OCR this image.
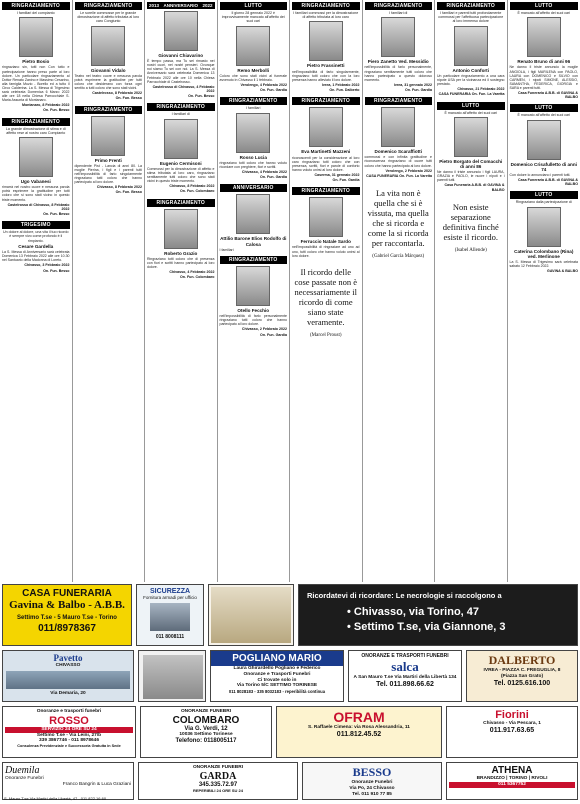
RINGRAZIAMENTO
I familiari del compianto
Pietro Bosio
ringraziano sin, tutti non Con tutto e partecipazione hanno preso parte al loro dolore. Un particolare ringraziamento al Dottor Renato Zanino e Massimo Cesarino, alla famiglia Muzio - Borello ed a tutto il Circo Calderina. La S. Messa di Trigesimo sarà celebrata Domenica 6 Marzo 2022 alle ore 18 nella Chiesa Parrocchiale S. Maria Assunta di Montanaro.
Montanaro, 8 Febbraio 2022
On. Fun. Besso
RINGRAZIAMENTO
La grande dimostrazione di stima e di affetto rese al nostro caro Compianto
Ugo Vabanesi
rimarrà nel nostro cuore e nessuna parola potrà esprimere la gratitudine per tutti coloro che si sono stati vicino in questo triste momento.
Castelrosso di Chivasso, 8 Febbraio 2022
On. Fun. Besso
TRIGESIMO
Un dolore al dolore, una vita il tuo ricordo è sempre vivo come profondo è il rimpianto.
Cesare Gardella
La S. Messa di Anniversario sarà celebrata Domenica 13 Febbraio 2022 alle ore 10.30 nel Santuario della Madonna di Loreto.
Chivasso, 3 Febbraio 2022
On. Fun. Besso
RINGRAZIAMENTO
Le sorelle commosse per le grande dimostrazione di affetto tributata al loro caro Congiunto
Giovanni Vidalo
Teatro nel teatro cuore e nessuna parola potrà esprimere la gratitudine per tutti coloro che desiderano con forza ogni sentito a tutti coloro che sono stati vicini.
Castelrosso, 8 Febbraio 2022
On. Fun. Besso
RINGRAZIAMENTO
Primo Frenti
dipendente Pist - Lancia di anni 80. La moglie Pierina, i figli e i parenti tutti nell'impossibilità di farlo singolarmente ringraziano tutti coloro che hanno partecipato al loro dolore.
Chivasso, 8 Febbraio 2022
On. Fun. Besso
2013 ANNIVERSARIO 2022
Giovanni Chiavarino
È tempo passa, ma Tu sei rimasto nei nostri cuori, nei nostri pensieri. Ovunque noi siamo Tu sei con noi. La S. Messa di Anniversario sarà celebrata Domenica 13 Febbraio 2022 alle ore 10 nella Chiesa Parrocchiale di Castelrosso.
Castelrosso di Chivasso, 4 Febbraio 2022
On. Fun. Besso
RINGRAZIAMENTO
I familiari di
Eugenio Cermisoni
Commossi per la dimostrazione di affetto e stima tributata al loro caro, ringraziano sentitamente tutti coloro che sono stati vicini in questo triste momento.
Chivasso, 8 Febbraio 2022
On. Fun. Colombaro
RINGRAZIAMENTO
Roberto Grazio
Ringraziano tutti coloro che di presenza con fiori e scritti hanno partecipato al loro dolore.
Chivasso, 4 Febbraio 2022
On. Fun. Colombaro
LUTTO
Il giorno 28 gennaio 2022 è improvvisamente mancato all'affetto dei suoi cari
Remo Merbolli
Coloro che sono stati vicini al funerale avvenuto in Chivasso il 1 febbraio.
Verolengo, 4 Febbraio 2022
On. Fun. Gardia
RINGRAZIAMENTO
I familiari
Rosso Lucia
ringraziano tutti coloro che hanno voluto ricordare con preghiere, fiori e scritti.
Chivasso, 4 Febbraio 2022
On. Fun. Gardia
ANNIVERSARIO
Attilio Barone Elios Rodolfo di Calosa
I familiari
RINGRAZIAMENTO
Otello Fecchio
nell'impossibilità di farlo personalmente ringraziano tutti coloro che hanno partecipato al loro dolore.
Chivasso, 2 Febbraio 2022
On. Fun. Gardia
RINGRAZIAMENTO
I familiari commossi per la dimostrazione di affetto tributata al loro caro
Pietro Frassinetti
nell'impossibilità di farlo singolarmente, ringraziano tutti coloro che con la loro presenza hanno alleviato il loro dolore.
Ivrea, 1 Febbraio 2022
On. Fun. Dalberto
RINGRAZIAMENTO
Eva Martinetti Mazzeni
riconoscenti per la considerazione al loro caro ringraziano tutti coloro che con presenza, scritti, fiori e parole di conforto hanno voluto unirsi al loro dolore.
Caserma, 31 gennaio 2022
On. Fun. Gardia
RINGRAZIAMENTO
Ferruccio Natale Sardo
nell'impossibilità di ringraziare ad uno ad uno, tutti coloro che hanno voluto unirsi al loro dolore.
Il ricordo delle cose passate non è necessariamente il ricordo di come siano state veramente.
(Marcel Proust)
RINGRAZIAMENTO
I familiari di
Piero Zanetto Ved. Messidio
nell'impossibilità di farlo personalmente, ringraziano sentitamente tutti coloro che hanno partecipato a questo doloroso momento.
Ivrea, 31 gennaio 2022
On. Fun. Gardia
RINGRAZIAMENTO
Domenico Scaraffiotti
commossi e con infinita gratitudine e riconoscenza ringraziano di cuore tutti coloro che hanno partecipato al loro dolore.
Verolengo, 2 Febbraio 2022
CASA FUNERARIA On. Fun. La Varetta
La vita non è quella che si è vissuta, ma quella che si ricorda e come la si ricorda per raccontarla.
(Gabriel García Márquez)
RINGRAZIAMENTO
I familiari e parenti tutti profondamente commossi per l'affettuosa partecipazione al loro immenso dolore
Antonio Conforti
Un particolare ringraziamento a una cara nipote USA per la vicinanza ed il sostegno prestato.
Chivasso, 21 Febbraio 2022
CASA FUNERARIA On. Fun. La Varetta
LUTTO
È mancato all'affetto dei suoi cari
Pietro Borgato del Comacchi di anni 86
Ne danno il triste annuncio i figli LAURA, GRAZIA e PAOLO, le nuore i nipoti e i parenti tutti.
Casa Funeraria A.B.B. di GAVINA & BALBO
Non esiste separazione definitiva finché esiste il ricordo.
(Isabel Allende)
LUTTO
È mancato all'affetto dei suoi cari
Renato Bruno di anni 96
Ne danno il triste annuncio la moglie ANGIOLA, i figli MARILENA con PAOLO, LAURA con DOMENICO e SILVIO con CARMEN, i nipoti SIMONE, ALESSIO, SAMANTHA, FEDERICA, GIORGIA e SARA e parenti tutti.
Casa Funeraria A.B.B. di GAVINA & BALBO
LUTTO
È mancato all'affetto dei suoi cari
Domenico Crisafulletto di anni 74
Con dolore lo annunciano i parenti tutti.
Casa Funeraria A.B.B. di GAVINA & BALBO
LUTTO
Ringraziano dalla partecipazione di
Caterina Colombano (Rina) ved. Merlinone
La S. Messa di Trigesimo sarà celebrata sabato 12 Febbraio 2022.
GAVINA & BALBO
CASA FUNERARIA
Gavina & Balbo - A.B.B.
Settimo T.se - 5 Mauro T.se - Torino
011/8978367
SICUREZZA
Fornitura armadi per ufficio
011 8008111
Ricordatevi di ricordare: Le necrologie si raccolgono a
• Chivasso, via Torino, 47
• Settimo T.se, via Giannone, 3
Pavetto
CHIVASSO
Via Demaria, 20
POGLIANO MARIO
Laura Ghirardello Pogliano e Federico
Onoranze e Trasporti Funebri
Ci trovate solo in
Via Torino 5/C SETTIMO TORINESE
011 8028183 - 335 8032183 - reperibilità continua
ONORANZE E TRASPORTI FUNEBRI
salca
A San Mauro T.se Via Martiri della Libertà 134
Tel. 011.898.66.62
DALBERTO
IVREA - PIAZZA C. FREGUGLIA, 8
(Piazza San Grato)
Tel. 0125.616.100
Onoranze e trasporti funebri
ROSSO
SERVIZIO 24 ORE SU 24
Settimo T.se - Via Leini, 27/b
339 3867746 - 011 8978646
Consulenza Previdenziale e Successoria Gratuita in Sede
ONORANZE FUNEBRI
COLOMBARO
Via G. Verdi, 12
10036 Settimo Torinese
Telefono: 0118005117
OFRAM
S. Raffaele Cimena: via Rosa Alessandria, 11
011.812.45.52
Fiorini
Chivasso - Via Pescara, 1
011.917.63.65
Duemila
Onoranze Funebri
Franco Bangrin & Luca Graziani
ONORANZE FUNEBRI
GARDA
345.335.72.97
REPERIBILI 24 ORE SU 24
BESSO
Onoranze Funebri
Via Po, 24 Chivasso
Tel. 011 910 77 85
ATHENA
BRANDIZZO | TORINO | RIVOLI
011 5367752
S. Mauro T.se Via Martiri della Libertà, 47 - 011 822.16.60
